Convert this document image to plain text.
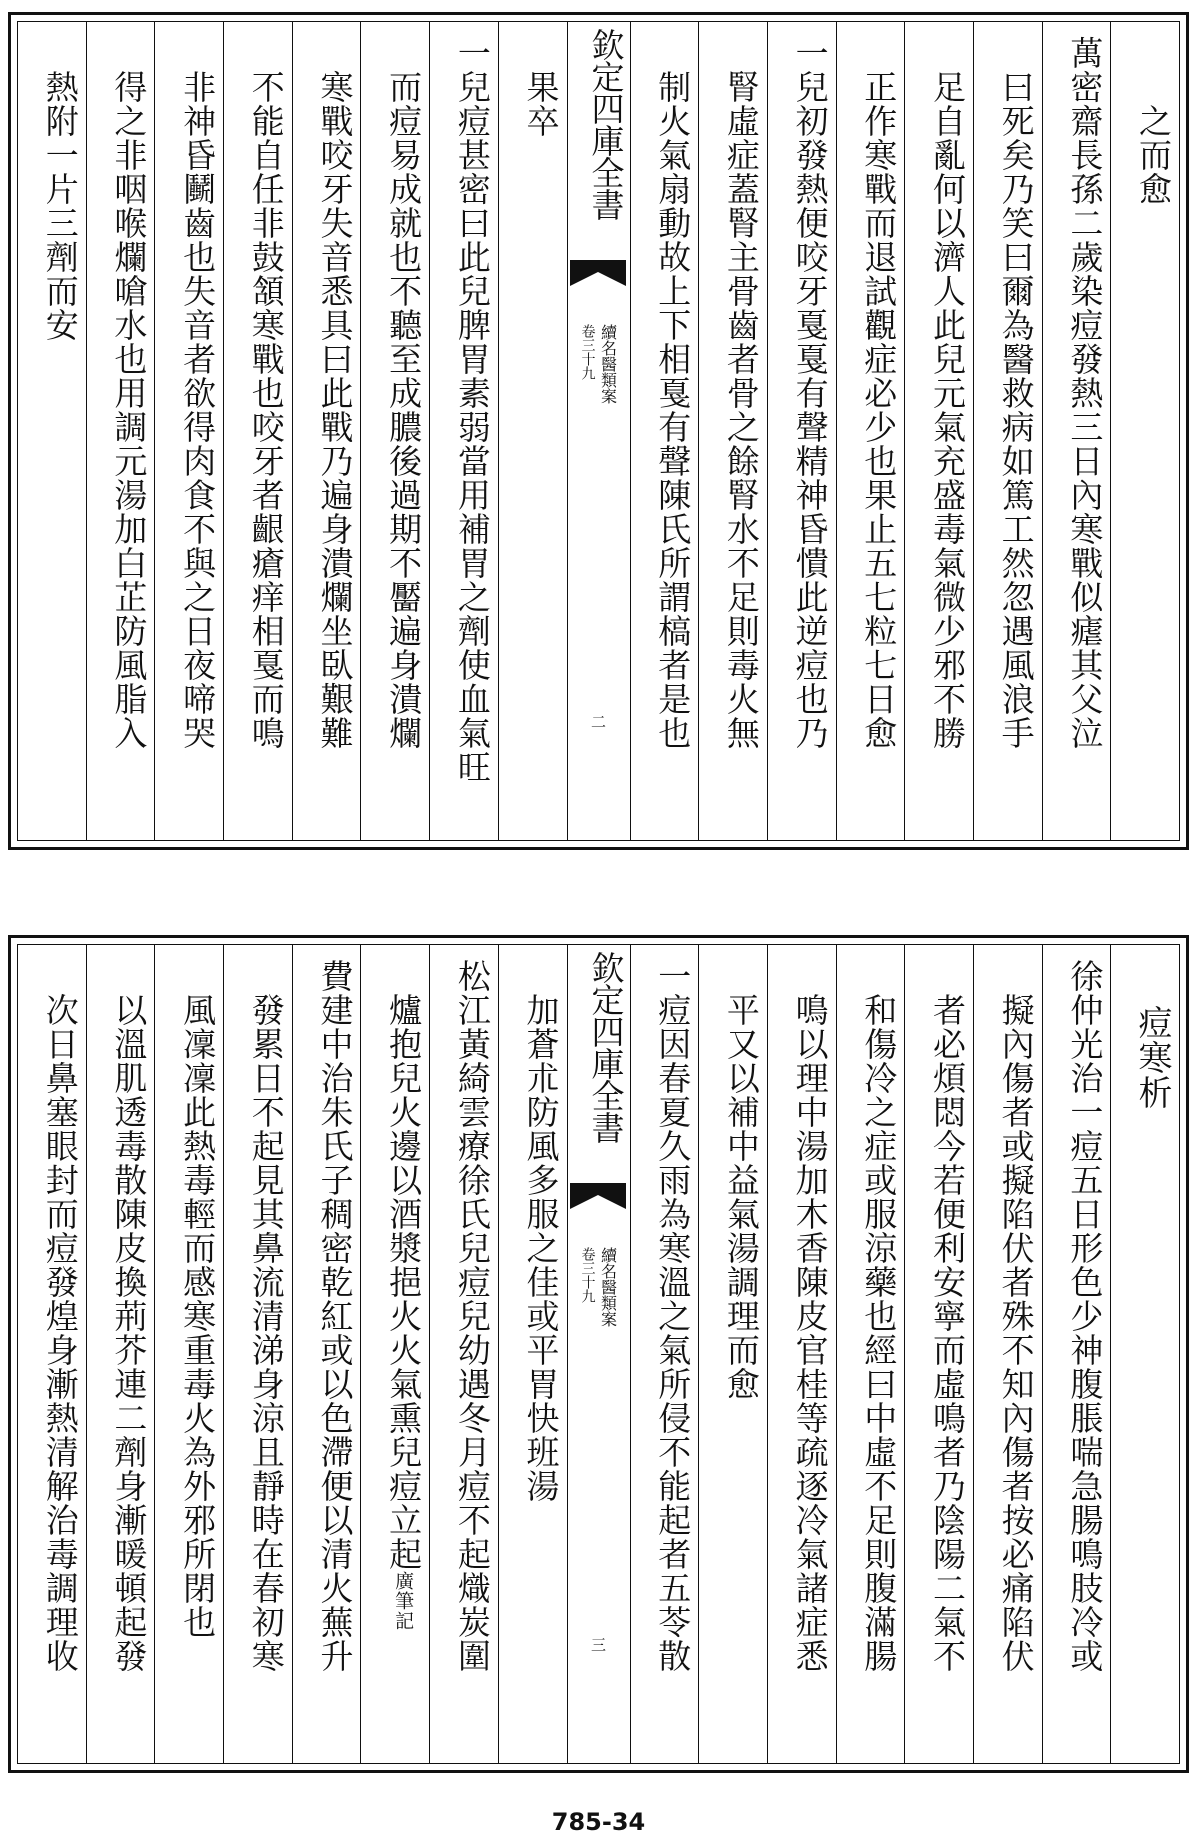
之而愈
萬密齋長孫二歲染痘發熱三日內寒戰似瘧其父泣
曰死矣乃笑曰爾為醫救病如篤工然忽遇風浪手
足自亂何以濟人此兒元氣充盛毒氣微少邪不勝
正作寒戰而退試觀症必少也果止五七粒七日愈
一兒初發熱便咬牙戛戛有聲精神昏憒此逆痘也乃
腎虛症蓋腎主骨齒者骨之餘腎水不足則毒火無
制火氣扇動故上下相戛有聲陳氏所謂槁者是也
欽定四庫全書
續名醫類案
卷三十九
二
果卒
一兒痘甚密曰此兒脾胃素弱當用補胃之劑使血氣旺
而痘易成就也不聽至成膿後過期不靨遍身潰爛
寒戰咬牙失音悉具曰此戰乃遍身潰爛坐臥艱難
不能自任非鼓頷寒戰也咬牙者齦瘡痒相戛而鳴
非神昏鬭齒也失音者欲得肉食不與之日夜啼哭
得之非咽喉爛嗆水也用調元湯加白芷防風脂入
熱附一片三劑而安
痘寒析
徐仲光治一痘五日形色少神腹脹喘急腸鳴肢冷或
擬內傷者或擬陷伏者殊不知內傷者按必痛陷伏
者必煩悶今若便利安寧而虛鳴者乃陰陽二氣不
和傷冷之症或服涼藥也經曰中虛不足則腹滿腸
鳴以理中湯加木香陳皮官桂等疏逐冷氣諸症悉
平又以補中益氣湯調理而愈
一痘因春夏久雨為寒溫之氣所侵不能起者五苓散
欽定四庫全書
續名醫類案
卷三十九
三
加蒼朮防風多服之佳或平胃快班湯
松江黃綺雲療徐氏兒痘兒幼遇冬月痘不起熾炭圍
爐抱兒火邊以酒漿挹火火氣熏兒痘立起廣筆記
費建中治朱氏子稠密乾紅或以色滯便以清火蕪升
發累日不起見其鼻流清涕身涼且靜時在春初寒
風凜凜此熱毒輕而感寒重毒火為外邪所閉也
以溫肌透毒散陳皮換荊芥連二劑身漸暖頓起發
次日鼻塞眼封而痘發煌身漸熱清解治毒調理收
785-34
